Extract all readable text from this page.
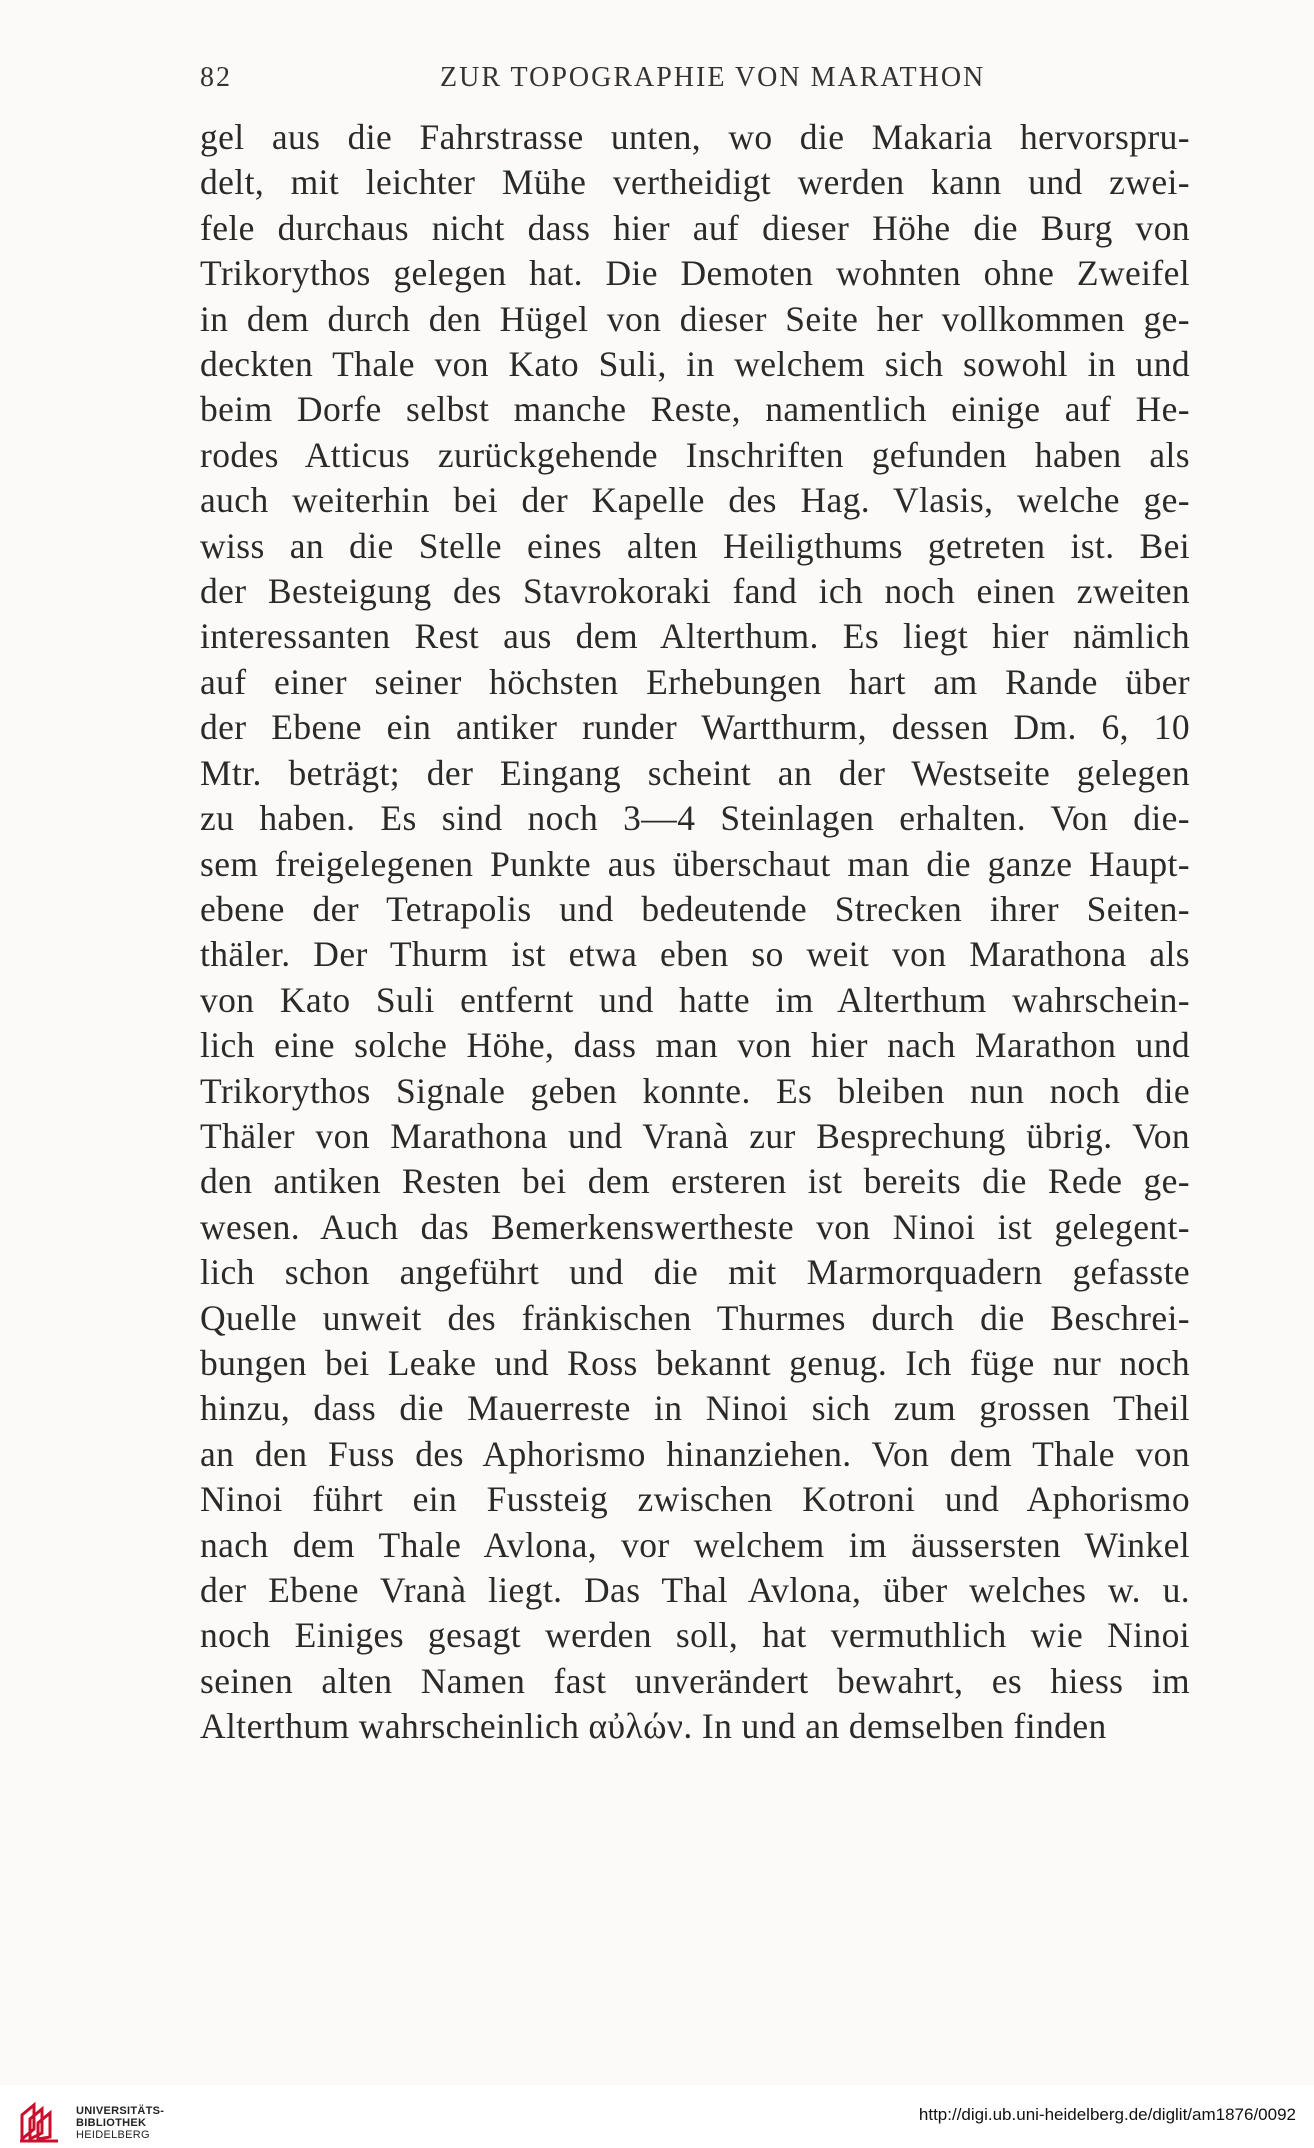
82	ZUR TOPOGRAPHIE VON MARATHON
gel aus die Fahrstrasse unten, wo die Makaria hervorspru-
delt, mit leichter Mühe vertheidigt werden kann und zwei-
fele durchaus nicht dass hier auf dieser Höhe die Burg von
Trikorythos gelegen hat. Die Demoten wohnten ohne Zweifel
in dem durch den Hügel von dieser Seite her vollkommen ge-
deckten Thale von Kato Suli, in welchem sich sowohl in und
beim Dorfe selbst manche Reste, namentlich einige auf He-
rodes Atticus zurückgehende Inschriften gefunden haben als
auch weiterhin bei der Kapelle des Hag. Vlasis, welche ge-
wiss an die Stelle eines alten Heiligthums getreten ist. Bei
der Besteigung des Stavrokoraki fand ich noch einen zweiten
interessanten Rest aus dem Alterthum. Es liegt hier nämlich
auf einer seiner höchsten Erhebungen hart am Rande über
der Ebene ein antiker runder Wartthurm, dessen Dm. 6, 10
Mtr. beträgt; der Eingang scheint an der Westseite gelegen
zu haben. Es sind noch 3—4 Steinlagen erhalten. Von die-
sem freigelegenen Punkte aus überschaut man die ganze Haupt-
ebene der Tetrapolis und bedeutende Strecken ihrer Seiten-
thäler. Der Thurm ist etwa eben so weit von Marathona als
von Kato Suli entfernt und hatte im Alterthum wahrschein-
lich eine solche Höhe, dass man von hier nach Marathon und
Trikorythos Signale geben konnte. Es bleiben nun noch die
Thäler von Marathona und Vranà zur Besprechung übrig. Von
den antiken Resten bei dem ersteren ist bereits die Rede ge-
wesen. Auch das Bemerkenswertheste von Ninoi ist gelegent-
lich schon angeführt und die mit Marmorquadern gefasste
Quelle unweit des fränkischen Thurmes durch die Beschrei-
bungen bei Leake und Ross bekannt genug. Ich füge nur noch
hinzu, dass die Mauerreste in Ninoi sich zum grossen Theil
an den Fuss des Aphorismo hinanziehen. Von dem Thale von
Ninoi führt ein Fussteig zwischen Kotroni und Aphorismo
nach dem Thale Avlona, vor welchem im äussersten Winkel
der Ebene Vranà liegt. Das Thal Avlona, über welches w. u.
noch Einiges gesagt werden soll, hat vermuthlich wie Ninoi
seinen alten Namen fast unverändert bewahrt, es hiess im
Alterthum wahrscheinlich αὐλών. In und an demselben finden
UNIVERSITÄTS-
BIBLIOTHEK
HEIDELBERG
http://digi.ub.uni-heidelberg.de/diglit/am1876/0092
